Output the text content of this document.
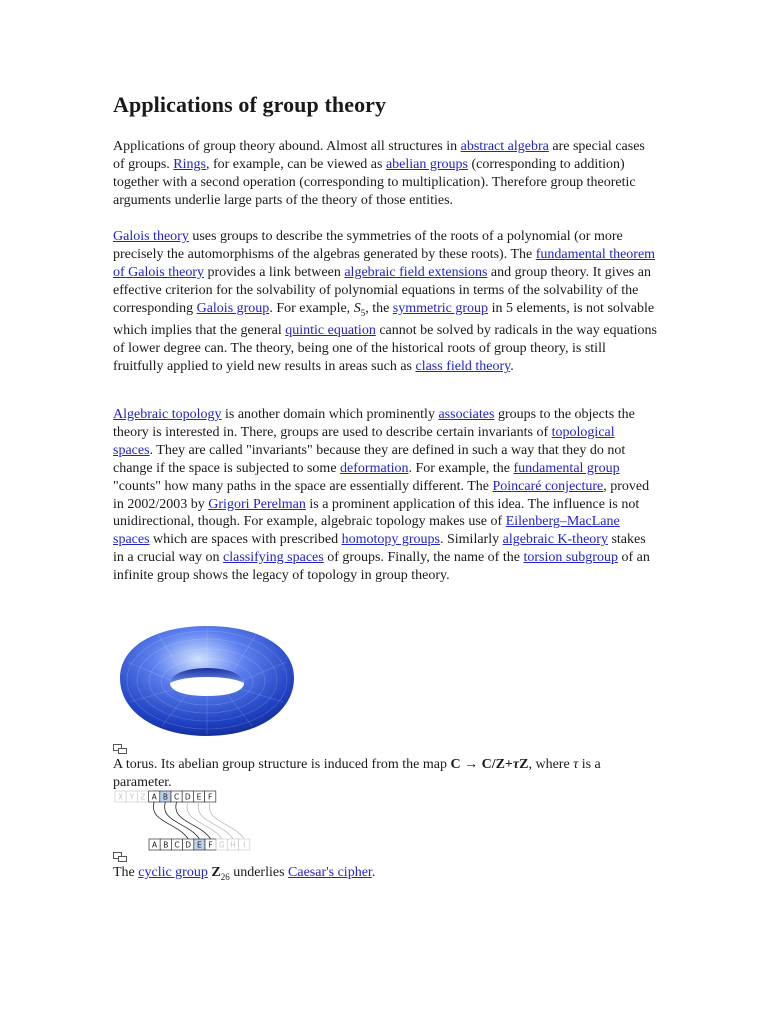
Applications of group theory

Applications of group theory abound. Almost all structures in abstract algebra are special cases of groups. Rings, for example, can be viewed as abelian groups (corresponding to addition) together with a second operation (corresponding to multiplication). Therefore group theoretic arguments underlie large parts of the theory of those entities.

Galois theory uses groups to describe the symmetries of the roots of a polynomial (or more precisely the automorphisms of the algebras generated by these roots). The fundamental theorem of Galois theory provides a link between algebraic field extensions and group theory. It gives an effective criterion for the solvability of polynomial equations in terms of the solvability of the corresponding Galois group. For example, $S_5$, the symmetric group in 5 elements, is not solvable which implies that the general quintic equation cannot be solved by radicals in the way equations of lower degree can. The theory, being one of the historical roots of group theory, is still fruitfully applied to yield new results in areas such as class field theory.

Algebraic topology is another domain which prominently associates groups to the objects the theory is interested in. There, groups are used to describe certain invariants of topological spaces. They are called "invariants" because they are defined in such a way that they do not change if the space is subjected to some deformation. For example, the fundamental group "counts" how many paths in the space are essentially different. The Poincaré conjecture, proved in 2002/2003 by Grigori Perelman is a prominent application of this idea. The influence is not unidirectional, though. For example, algebraic topology makes use of Eilenberg–MacLane spaces which are spaces with prescribed homotopy groups. Similarly algebraic K-theory stakes in a crucial way on classifying spaces of groups. Finally, the name of the torsion subgroup of an infinite group shows the legacy of topology in group theory.

A torus. Its abelian group structure is induced from the map C → C/Z+τZ, where τ is a parameter.

X Y Z A B C D E F
A B C D E F G H I

The cyclic group $Z_{26}$ underlies Caesar's cipher.
